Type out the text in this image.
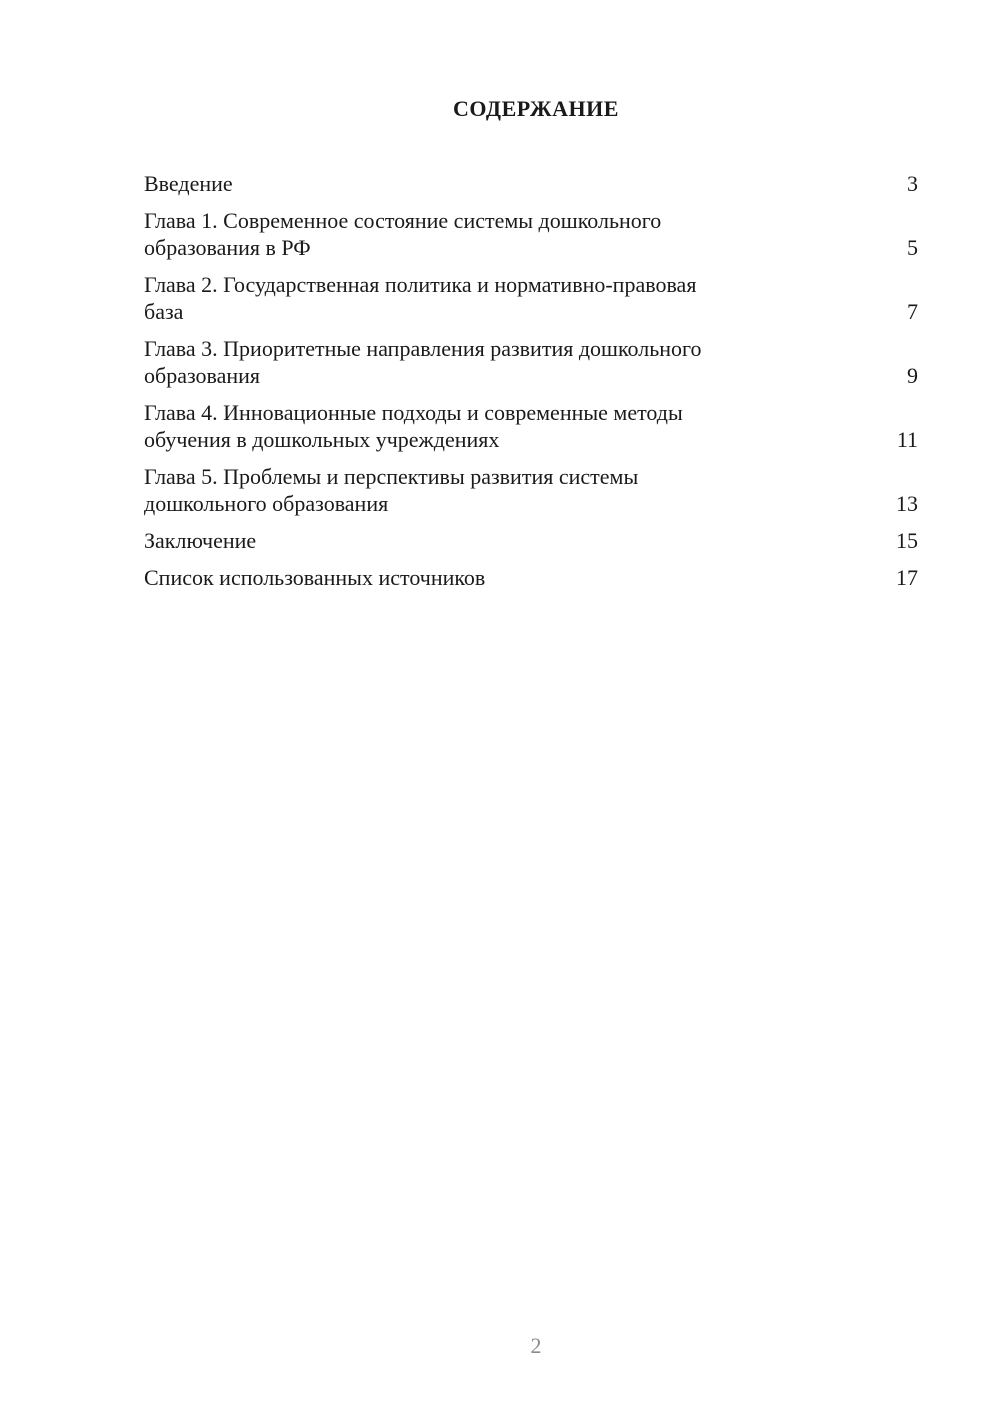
СОДЕРЖАНИЕ
Введение	3
Глава 1. Современное состояние системы дошкольного
образования в РФ	5
Глава 2. Государственная политика и нормативно-правовая
база	7
Глава 3. Приоритетные направления развития дошкольного
образования	9
Глава 4. Инновационные подходы и современные методы
обучения в дошкольных учреждениях	11
Глава 5. Проблемы и перспективы развития системы
дошкольного образования	13
Заключение	15
Список использованных источников	17
2
